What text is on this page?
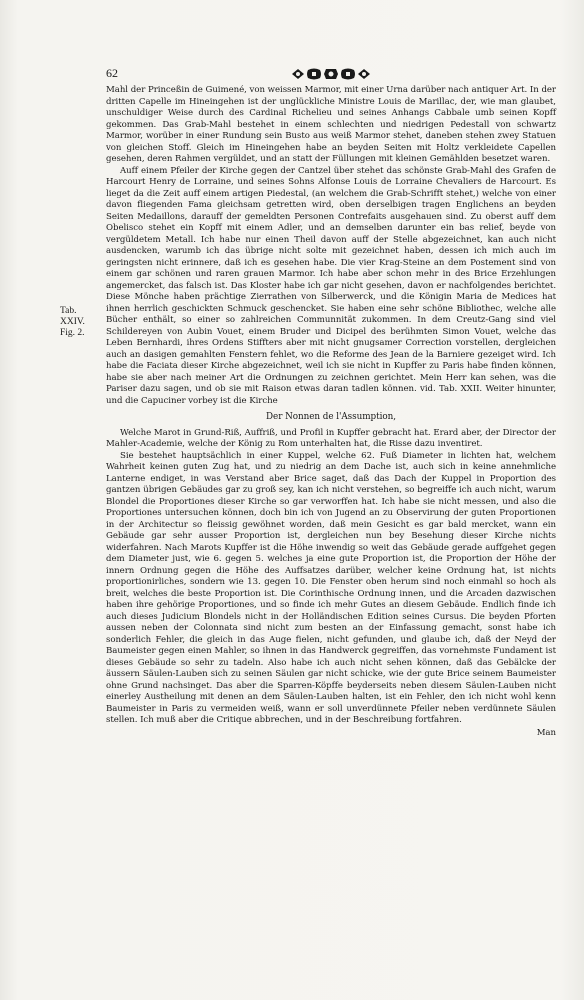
62
Tab.
XXIV.
Fig. 2.

Mahl der Princeßin de Guimené, von weissen Marmor, mit einer Urna darüber nach antiquer Art. In der dritten Capelle im Hineingehen ist der unglückliche Ministre Louis de Marillac, der, wie man glaubet, unschuldiger Weise durch des Cardinal Richelieu und seines Anhangs Cabbale umb seinen Kopff gekommen. Das Grab-Mahl bestehet in einem schlechten und niedrigen Pedestall von schwartz Marmor, worüber in einer Rundung sein Busto aus weiß Marmor stehet, daneben stehen zwey Statuen von gleichen Stoff. Gleich im Hineingehen habe an beyden Seiten mit Holtz verkleidete Capellen gesehen, deren Rahmen vergüldet, und an statt der Füllungen mit kleinen Gemählden besetzet waren.

Auff einem Pfeiler der Kirche gegen der Cantzel über stehet das schönste Grab-Mahl des Grafen de Harcourt Henry de Lorraine, und seines Sohns Alfonse Louis de Lorraine Chevaliers de Harcourt. Es lieget da die Zeit auff einem artigen Piedestal, (an welchem die Grab-Schrifft stehet,) welche von einer davon fliegenden Fama gleichsam getretten wird, oben derselbigen tragen Englichens an beyden Seiten Medaillons, darauff der gemeldten Personen Contrefaits ausgehauen sind. Zu oberst auff dem Obelisco stehet ein Kopff mit einem Adler, und an demselben darunter ein bas relief, beyde von vergüldetem Metall. Ich habe nur einen Theil davon auff der Stelle abgezeichnet, kan auch nicht ausdencken, warumb ich das übrige nicht solte mit gezeichnet haben, dessen ich mich auch im geringsten nicht erinnere, daß ich es gesehen habe. Die vier Krag-Steine an dem Postement sind von einem gar schönen und raren grauen Marmor. Ich habe aber schon mehr in des Brice Erzehlungen angemercket, das falsch ist. Das Kloster habe ich gar nicht gesehen, davon er nachfolgendes berichtet. Diese Mönche haben prächtige Zierrathen von Silberwerck, und die Königin Maria de Medices hat ihnen herrlich geschickten Schmuck geschencket. Sie haben eine sehr schöne Bibliothec, welche alle Bücher enthält, so einer so zahlreichen Communnität zukommen. In dem Creutz-Gang sind viel Schildereyen von Aubin Vouet, einem Bruder und Dicipel des berühmten Simon Vouet, welche das Leben Bernhardi, ihres Ordens Stiffters aber mit nicht gnugsamer Correction vorstellen, dergleichen auch an dasigen gemahlten Fenstern fehlet, wo die Reforme des Jean de la Barniere gezeiget wird. Ich habe die Faciata dieser Kirche abgezeichnet, weil ich sie nicht in Kupffer zu Paris habe finden können, habe sie aber nach meiner Art die Ordnungen zu zeichnen gerichtet. Mein Herr kan sehen, was die Pariser dazu sagen, und ob sie mit Raison etwas daran tadlen können. vid. Tab. XXII. Weiter hinunter, und die Capuciner vorbey ist die Kirche

Der Nonnen de l'Assumption,

Welche Marot in Grund-Riß, Auffriß, und Profil in Kupffer gebracht hat. Erard aber, der Director der Mahler-Academie, welche der König zu Rom unterhalten hat, die Risse dazu inventiret.

Sie bestehet hauptsächlich in einer Kuppel, welche 62. Fuß Diameter in lichten hat, welchem Wahrheit keinen guten Zug hat, und zu niedrig an dem Dache ist, auch sich in keine annehmliche Lanterne endiget, in was Verstand aber Brice saget, daß das Dach der Kuppel in Proportion des gantzen übrigen Gebäudes gar zu groß sey, kan ich nicht verstehen, so begreiffe ich auch nicht, warum Blondel die Proportiones dieser Kirche so gar verworffen hat. Ich habe sie nicht messen, und also die Proportiones untersuchen können, doch bin ich von Jugend an zu Observirung der guten Proportionen in der Architectur so fleissig gewöhnet worden, daß mein Gesicht es gar bald mercket, wann ein Gebäude gar sehr ausser Proportion ist, dergleichen nun bey Besehung dieser Kirche nichts widerfahren. Nach Marots Kupffer ist die Höhe inwendig so weit das Gebäude gerade auffgehet gegen dem Diameter just, wie 6. gegen 5. welches ja eine gute Proportion ist, die Proportion der Höhe der innern Ordnung gegen die Höhe des Auffsatzes darüber, welcher keine Ordnung hat, ist nichts proportionirliches, sondern wie 13. gegen 10. Die Fenster oben herum sind noch einmahl so hoch als breit, welches die beste Proportion ist. Die Corinthische Ordnung innen, und die Arcaden dazwischen haben ihre gehörige Proportiones, und so finde ich mehr Gutes an diesem Gebäude. Endlich finde ich auch dieses Judicium Blondels nicht in der Holländischen Edition seines Cursus. Die beyden Pforten aussen neben der Colonnata sind nicht zum besten an der Einfassung gemacht, sonst habe ich sonderlich Fehler, die gleich in das Auge fielen, nicht gefunden, und glaube ich, daß der Neyd der Baumeister gegen einen Mahler, so ihnen in das Handwerck gegreiffen, das vornehmste Fundament ist dieses Gebäude so sehr zu tadeln. Also habe ich auch nicht sehen können, daß das Gebälcke der äussern Säulen-Lauben sich zu seinen Säulen gar nicht schicke, wie der gute Brice seinem Baumeister ohne Grund nachsinget. Das aber die Sparren-Köpffe beyderseits neben diesem Säulen-Lauben nicht einerley Austheilung mit denen an dem Säulen-Lauben halten, ist ein Fehler, den ich nicht wohl kenn Baumeister in Paris zu vermeiden weiß, wann er soll unverdünnete Pfeiler neben verdünnete Säulen stellen. Ich muß aber die Critique abbrechen, und in der Beschreibung fortfahren.

Man
